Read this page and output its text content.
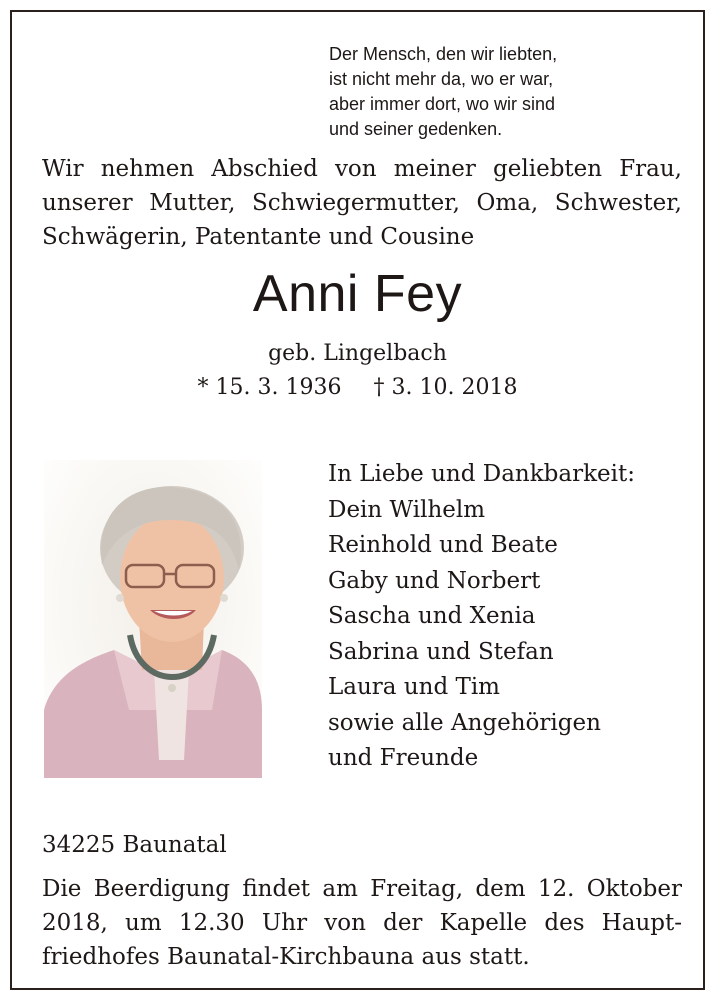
Der Mensch, den wir liebten,
ist nicht mehr da, wo er war,
aber immer dort, wo wir sind
und seiner gedenken.
Wir nehmen Abschied von meiner geliebten Frau,
unserer Mutter, Schwiegermutter, Oma, Schwester,
Schwägerin, Patentante und Cousine
Anni Fey
geb. Lingelbach
* 15. 3. 1936 † 3. 10. 2018
In Liebe und Dankbarkeit:
Dein Wilhelm
Reinhold und Beate
Gaby und Norbert
Sascha und Xenia
Sabrina und Stefan
Laura und Tim
sowie alle Angehörigen
und Freunde
34225 Baunatal
Die Beerdigung findet am Freitag, dem 12. Oktober
2018, um 12.30 Uhr von der Kapelle des Haupt-
friedhofes Baunatal-Kirchbauna aus statt.
